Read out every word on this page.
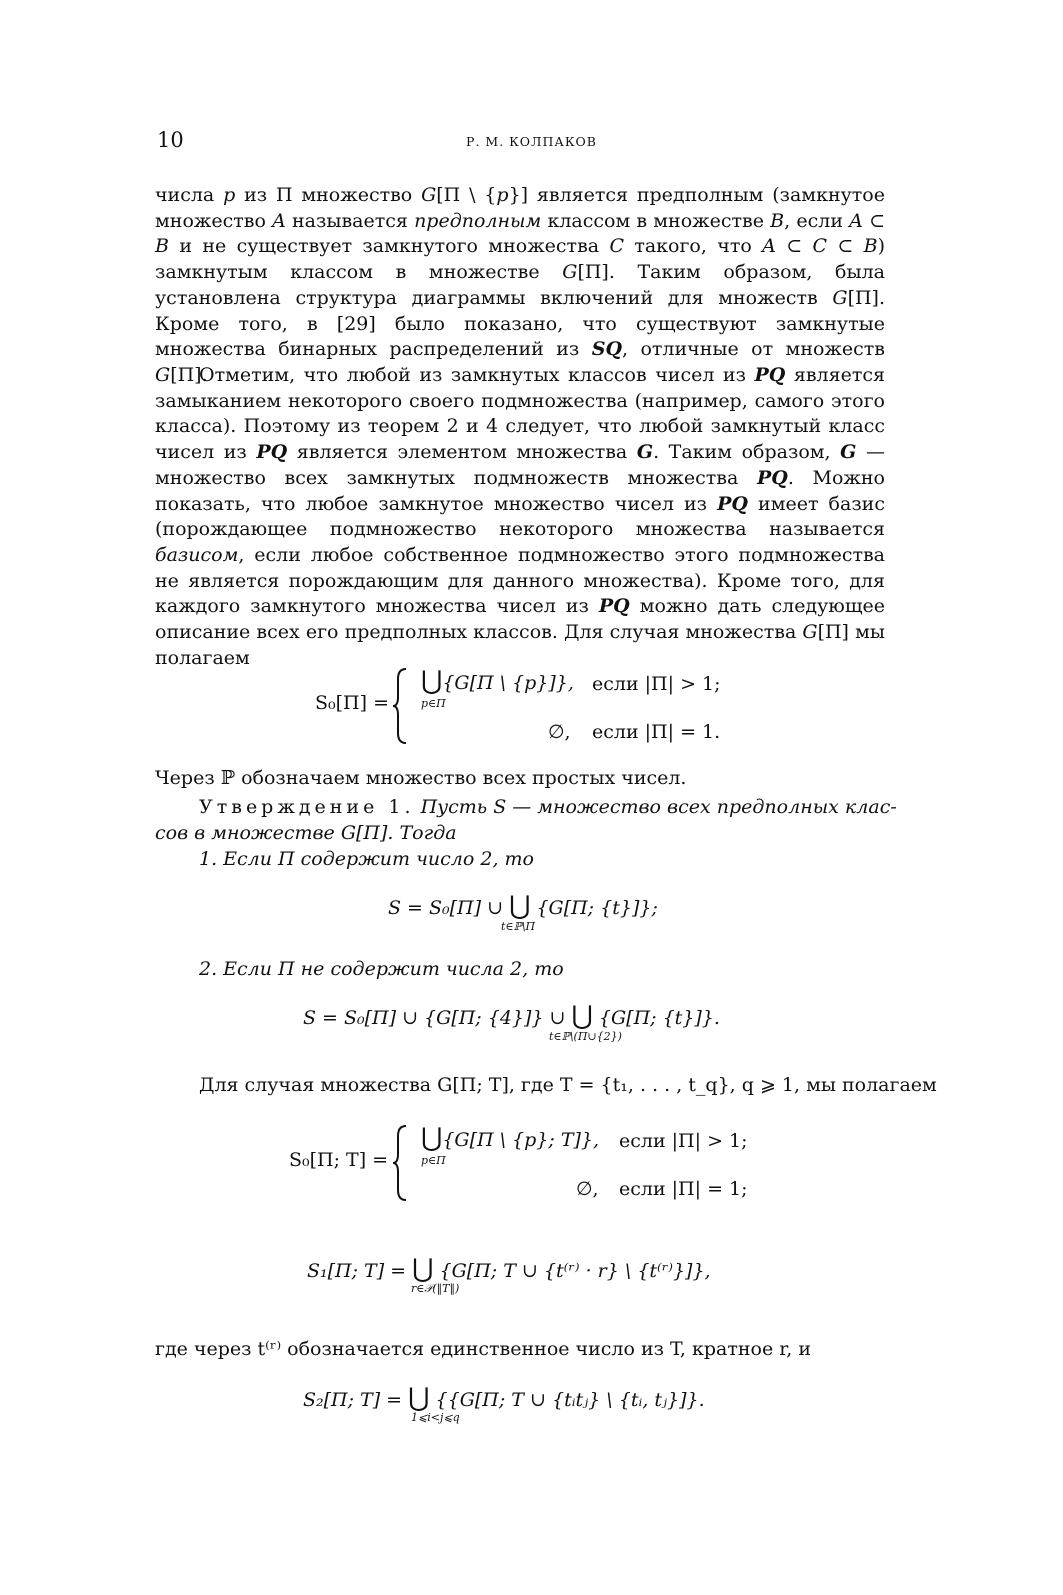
10	Р. М. КОЛПАКОВ
числа p из Π множество G[Π \ {p}] является предполным (замкнутое множество A называется предполным классом в множестве B, если A ⊂ B и не существует замкнутого множества C такого, что A ⊂ C ⊂ B) замкнутым классом в множестве G[Π]. Таким образом, была установлена структура диаграммы включений для множеств G[Π]. Кроме того, в [29] было показано, что существуют замкнутые множества бинарных распределений из SQ, отличные от множеств G[Π].
Отметим, что любой из замкнутых классов чисел из PQ является замыканием некоторого своего подмножества (например, самого этого класса). Поэтому из теорем 2 и 4 следует, что любой замкнутый класс чисел из PQ является элементом множества G. Таким образом, G — множество всех замкнутых подмножеств множества PQ. Можно показать, что любое замкнутое множество чисел из PQ имеет базис (порождающее подмножество некоторого множества называется базисом, если любое собственное подмножество этого подмножества не является порождающим для данного множества). Кроме того, для каждого замкнутого множества чисел из PQ можно дать следующее описание всех его предполных классов. Для случая множества G[Π] мы полагаем
S₀[Π] =
⋃{G[Π \ {p}]},
p∈Π
если |Π| > 1;
∅, если |Π| = 1.
Через ℙ обозначаем множество всех простых чисел.
Утверждение 1. Пусть S — множество всех предполных клас-
сов в множестве G[Π]. Тогда
1. Если Π содержит число 2, то
S = S₀[Π] ∪ ⋃ {G[Π; {t}]};
t∈ℙ\Π
2. Если Π не содержит числа 2, то
S = S₀[Π] ∪ {G[Π; {4}]} ∪ ⋃ {G[Π; {t}]}.
t∈ℙ\(Π∪{2})
Для случая множества G[Π; T], где T = {t₁, . . . , t_q}, q ⩾ 1, мы полагаем
S₀[Π; T] =
⋃{G[Π \ {p}; T]},
p∈Π
если |Π| > 1;
∅, если |Π| = 1;
S₁[Π; T] = ⋃ {G[Π; T ∪ {t⁽ʳ⁾ · r} \ {t⁽ʳ⁾}]},
r∈𝒫(‖T‖)
где через t⁽ʳ⁾ обозначается единственное число из T, кратное r, и
S₂[Π; T] = ⋃ {{G[Π; T ∪ {tᵢtⱼ} \ {tᵢ, tⱼ}]}.
1⩽i<j⩽q
